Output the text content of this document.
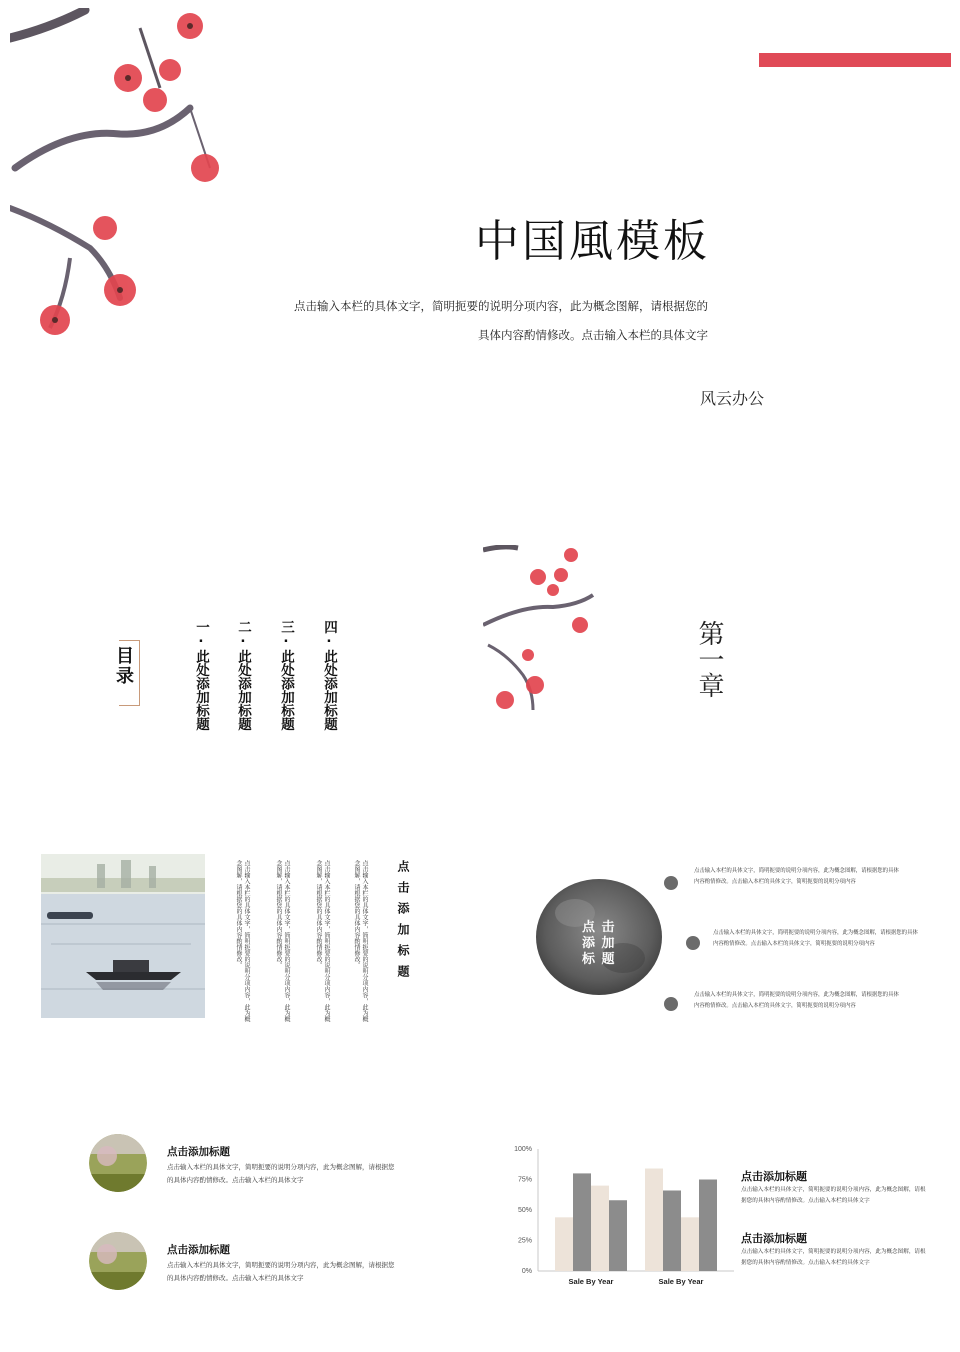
中国風模板
点击输入本栏的具体文字，简明扼要的说明分项内容，此为概念图解，请根据您的
具体内容酌情修改。点击输入本栏的具体文字
风云办公
目录	一·此处添加标题 二·此处添加标题 三·此处添加标题 四·此处添加标题	第一章
点击添加标题
点击输入本栏的具体文字，简明扼要的说明分项内容，此为概念图解，请根据您的具体内容酌情修改。
点击输入本栏的具体文字，简明扼要的说明分项内容，此为概念图解，请根据您的具体内容酌情修改。
点击输入本栏的具体文字，简明扼要的说明分项内容，此为概念图解，请根据您的具体内容酌情修改。
点击输入本栏的具体文字，简明扼要的说明分项内容，此为概念图解，请根据您的具体内容酌情修改。	点 击
添 加
标 题
点击输入本栏的具体文字，简明扼要的说明分项内容，此为概念图解，请根据您的具体内容酌情修改。点击输入本栏的具体文字，简明扼要的说明分项内容
点击输入本栏的具体文字，简明扼要的说明分项内容，此为概念图解，请根据您的具体内容酌情修改。点击输入本栏的具体文字，简明扼要的说明分项内容
点击输入本栏的具体文字，简明扼要的说明分项内容，此为概念图解，请根据您的具体内容酌情修改。点击输入本栏的具体文字，简明扼要的说明分项内容
点击添加标题
点击输入本栏的具体文字，简明扼要的说明分项内容，此为概念图解，请根据您的具体内容酌情修改。点击输入本栏的具体文字
点击添加标题
点击输入本栏的具体文字，简明扼要的说明分项内容，此为概念图解，请根据您的具体内容酌情修改。点击输入本栏的具体文字
0%
25%
50%
75%
100%
Sale By Year	Sale By Year
点击添加标题
点击输入本栏的具体文字，简明扼要的说明分项内容，此为概念图解，请根据您的具体内容酌情修改。点击输入本栏的具体文字
点击添加标题
点击输入本栏的具体文字，简明扼要的说明分项内容，此为概念图解，请根据您的具体内容酌情修改。点击输入本栏的具体文字
